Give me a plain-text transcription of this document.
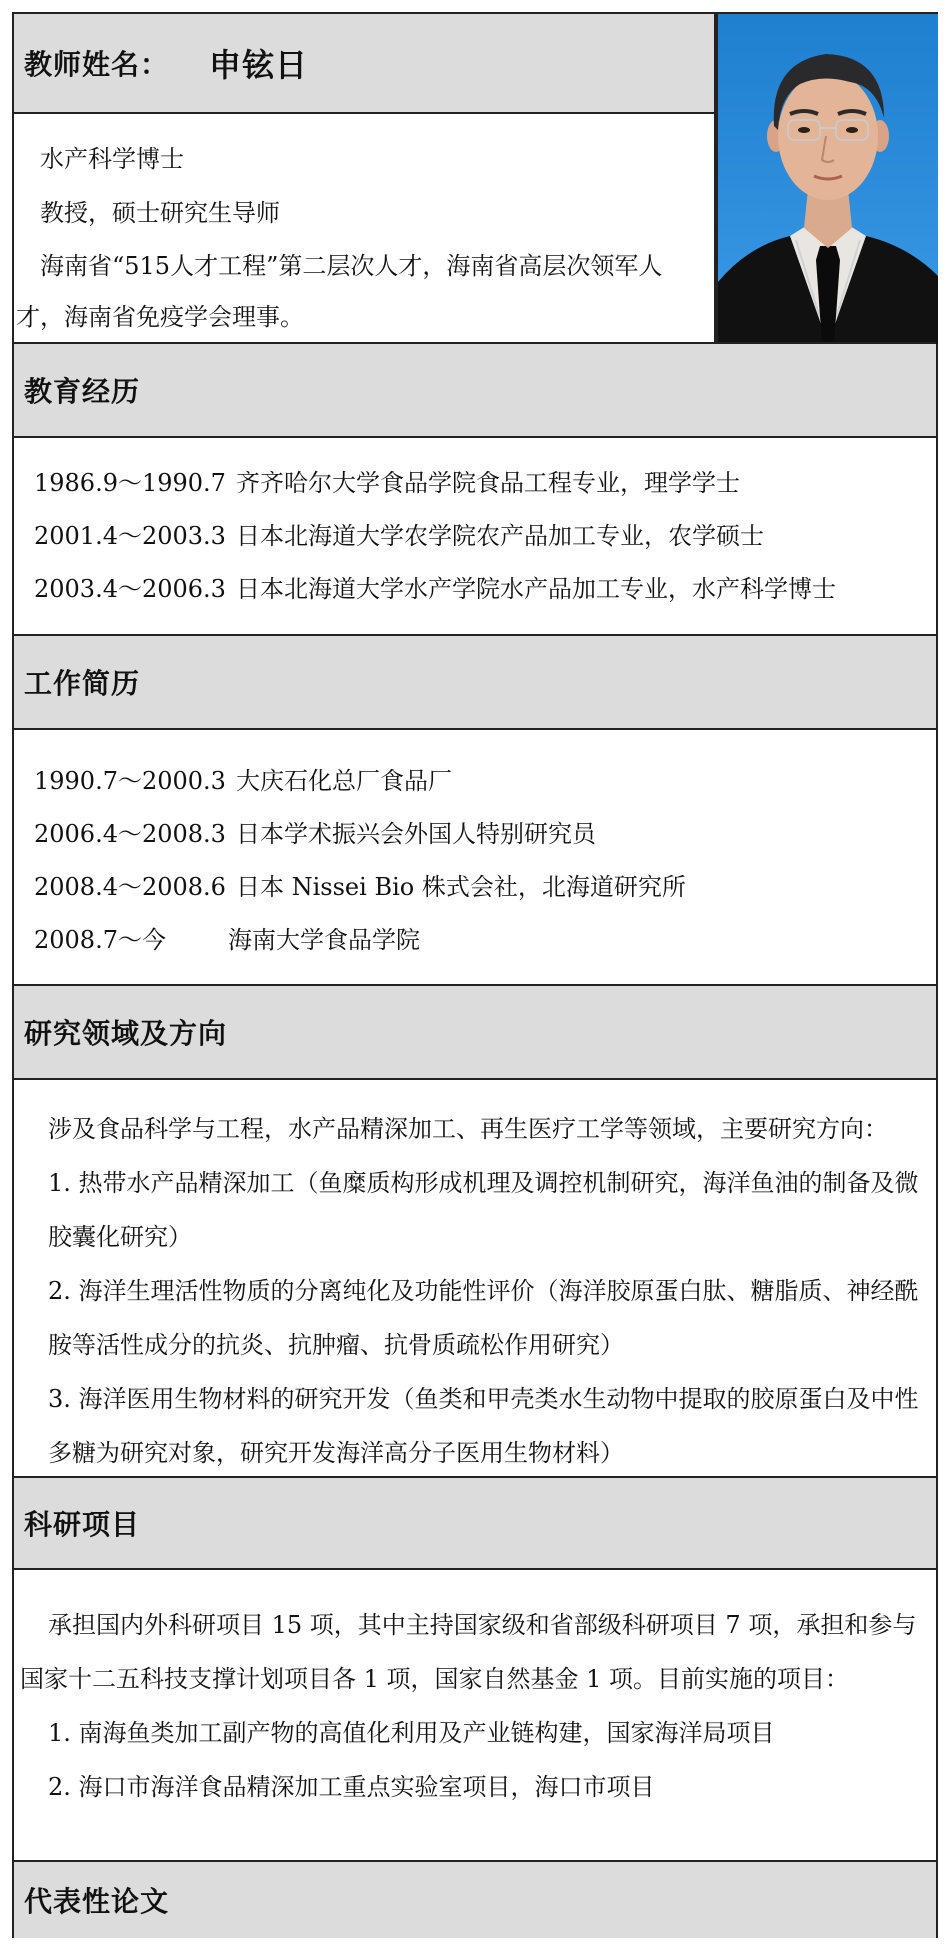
教师姓名：	申铉日
水产科学博士
教授，硕士研究生导师
海南省“515人才工程”第二层次人才，海南省高层次领军人
才，海南省免疫学会理事。
教育经历
1986.9～1990.7 齐齐哈尔大学食品学院食品工程专业，理学学士
2001.4～2003.3 日本北海道大学农学院农产品加工专业，农学硕士
2003.4～2006.3 日本北海道大学水产学院水产品加工专业，水产科学博士
工作简历
1990.7～2000.3 大庆石化总厂食品厂
2006.4～2008.3 日本学术振兴会外国人特别研究员
2008.4～2008.6 日本 Nissei Bio 株式会社，北海道研究所
2008.7～今	海南大学食品学院
研究领域及方向
涉及食品科学与工程，水产品精深加工、再生医疗工学等领域，主要研究方向：
1. 热带水产品精深加工（鱼糜质构形成机理及调控机制研究，海洋鱼油的制备及微
胶囊化研究）
2. 海洋生理活性物质的分离纯化及功能性评价（海洋胶原蛋白肽、糖脂质、神经酰
胺等活性成分的抗炎、抗肿瘤、抗骨质疏松作用研究）
3. 海洋医用生物材料的研究开发（鱼类和甲壳类水生动物中提取的胶原蛋白及中性
多糖为研究对象，研究开发海洋高分子医用生物材料）
科研项目
承担国内外科研项目 15 项，其中主持国家级和省部级科研项目 7 项，承担和参与
国家十二五科技支撑计划项目各 1 项，国家自然基金 1 项。目前实施的项目：
1. 南海鱼类加工副产物的高值化利用及产业链构建，国家海洋局项目
2. 海口市海洋食品精深加工重点实验室项目，海口市项目
代表性论文
